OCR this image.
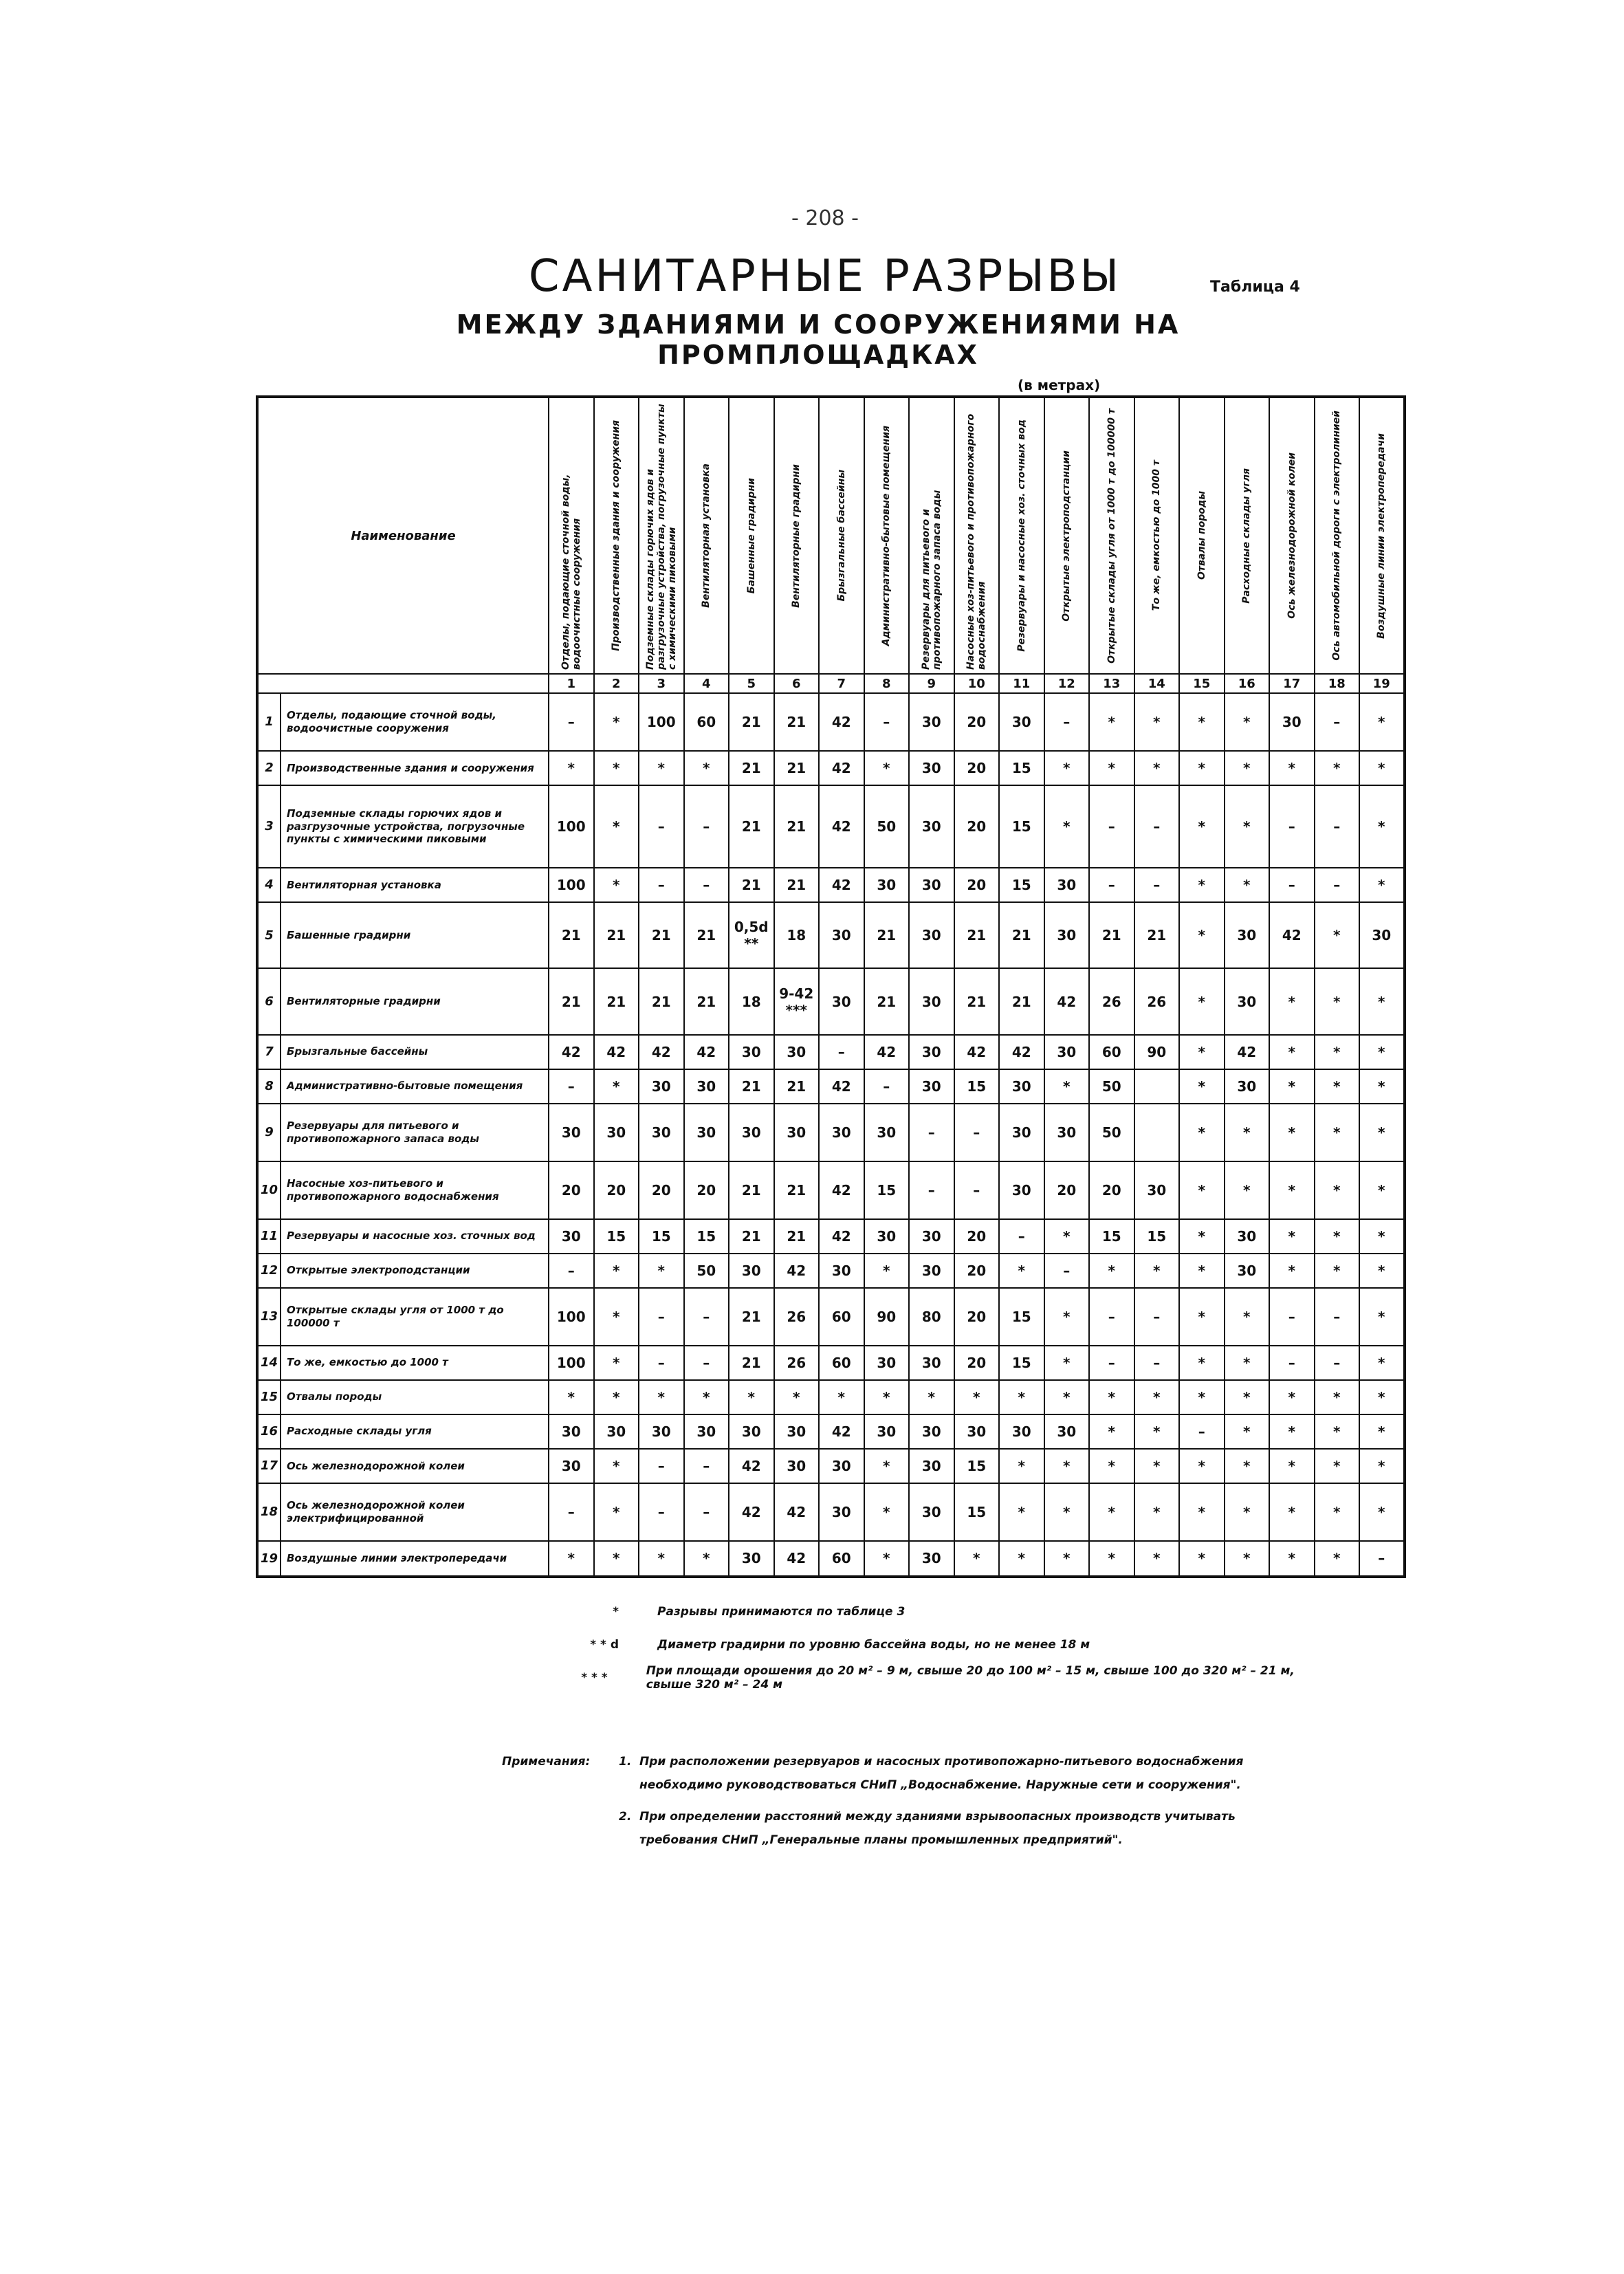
- 208 -
САНИТАРНЫЕ РАЗРЫВЫ	Таблица 4
МЕЖДУ ЗДАНИЯМИ И СООРУЖЕНИЯМИ НА ПРОМПЛОЩАДКАХ
(в метрах)
Наименование		Отделы, подающие сточной воды, водоочистные сооружения	Производственные здания и сооружения	Подземные склады горючих ядов и разгрузочные устройства, погрузочные пункты с химическими пиковыми	Вентиляторная установка	Башенные градирни	Вентиляторные градирни	Брызгальные бассейны	Административно-бытовые помещения	Резервуары для питьевого и противопожарного запаса воды	Насосные хоз-питьевого и противопожарного водоснабжения	Резервуары и насосные хоз. сточных вод	Открытые электроподстанции	Открытые склады угля от 1000 т до 100000 т	То же, емкостью до 1000 т	Отвалы породы	Расходные склады угля	Ось железнодорожной колеи	Ось автомобильной дороги с электролинией	Воздушные линии электропередачи

		1	2	3	4	5	6	7	8	9	10	11	12	13	14	15	16	17	18	19
1	Отделы, подающие сточной воды, водоочистные сооружения	–	*	100	60	21	21	42	–	30	20	30	–	*	*	*	*	30	–	*
2	Производственные здания и сооружения	*	*	*	*	21	21	42	*	30	20	15	*	*	*	*	*	*	*	*
3	Подземные склады горючих ядов и разгрузочные устройства, погрузочные пункты с химическими пиковыми	100	*	–	–	21	21	42	50	30	20	15	*	–	–	*	*	–	–	*
4	Вентиляторная установка	100	*	–	–	21	21	42	30	30	20	15	30	–	–	*	*	–	–	*
5	Башенные градирни	21	21	21	21	0,5d **	18	30	21	30	21	21	30	21	21	*	30	42	*	30
6	Вентиляторные градирни	21	21	21	21	18	9-42 ***	30	21	30	21	21	42	26	26	*	30	*	*	*
7	Брызгальные бассейны	42	42	42	42	30	30	–	42	30	42	42	30	60	90	*	42	*	*	*
8	Административно-бытовые помещения	–	*	30	30	21	21	42	–	30	15	30	*	50		*	30	*	*	*
9	Резервуары для питьевого и противопожарного запаса воды	30	30	30	30	30	30	30	30	–	–	30	30	50		*	*	*	*	*
10	Насосные хоз-питьевого и противопожарного водоснабжения	20	20	20	20	21	21	42	15	–	–	30	20	20	30	*	*	*	*	*
11	Резервуары и насосные хоз. сточных вод	30	15	15	15	21	21	42	30	30	20	–	*	15	15	*	30	*	*	*
12	Открытые электроподстанции	–	*	*	50	30	42	30	*	30	20	*	–	*	*	*	30	*	*	*
13	Открытые склады угля от 1000 т до 100000 т	100	*	–	–	21	26	60	90	80	20	15	*	–	–	*	*	–	–	*
14	То же, емкостью до 1000 т	100	*	–	–	21	26	60	30	30	20	15	*	–	–	*	*	–	–	*
15	Отвалы породы	*	*	*	*	*	*	*	*	*	*	*	*	*	*	*	*	*	*	*
16	Расходные склады угля	30	30	30	30	30	30	42	30	30	30	30	30	*	*	–	*	*	*	*
17	Ось железнодорожной колеи	30	*	–	–	42	30	30	*	30	15	*	*	*	*	*	*	*	*	*
18	Ось железнодорожной колеи электрифицированной	–	*	–	–	42	42	30	*	30	15	*	*	*	*	*	*	*	*	*
19	Воздушные линии электропередачи	*	*	*	*	30	42	60	*	30	*	*	*	*	*	*	*	*	*	–
*	Разрывы принимаются по таблице 3
* * d	Диаметр градирни по уровню бассейна воды, но не менее 18 м
* * *	При площади орошения до 20 м² – 9 м, свыше 20 до 100 м² – 15 м, свыше 100 до 320 м² – 21 м, свыше 320 м² – 24 м
Примечания:	1. При расположении резервуаров и насосных противопожарно-питьевого водоснабжения необходимо руководствоваться СНиП „Водоснабжение. Наружные сети и сооружения".
2. При определении расстояний между зданиями взрывоопасных производств учитывать требования СНиП „Генеральные планы промышленных предприятий".
